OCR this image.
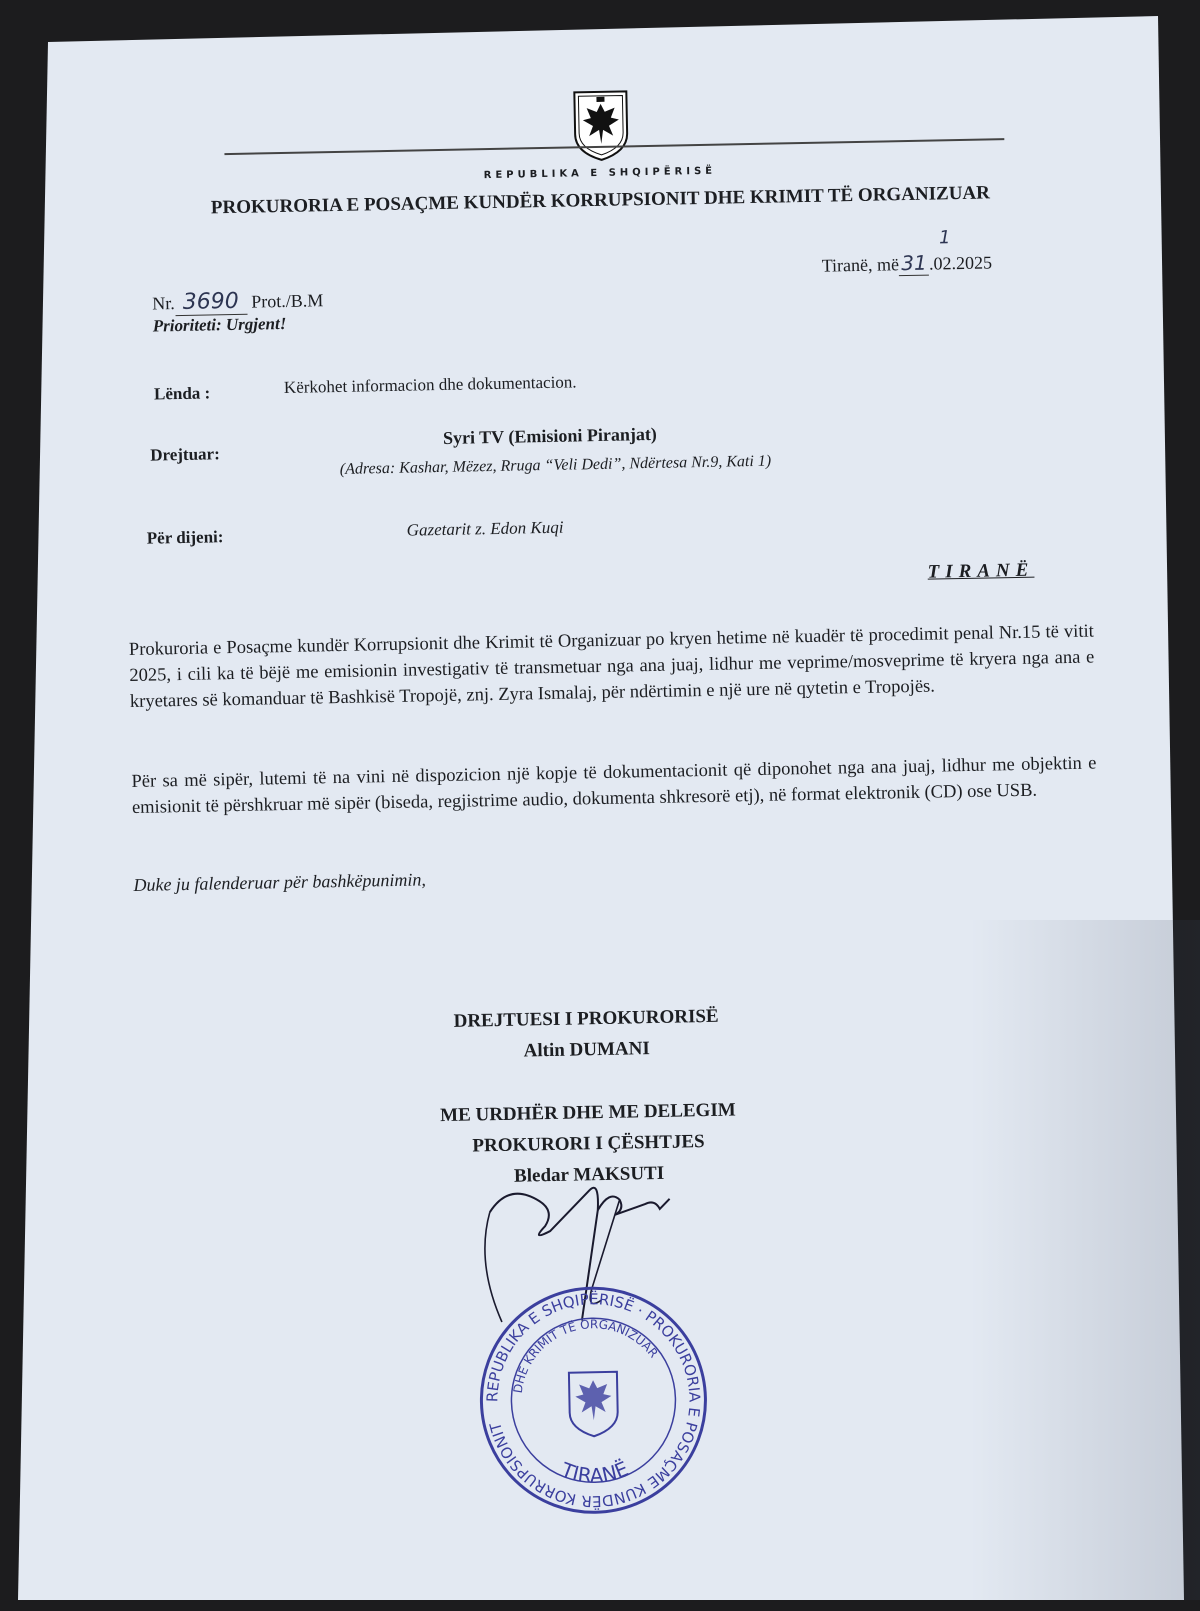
REPUBLIKA E SHQIPËRISË
PROKURORIA E POSAÇME KUNDËR KORRUPSIONIT DHE KRIMIT TË ORGANIZUAR
Tiranë, më31 .
1
02.2025
Nr. 3690 Prot./B.M
Prioriteti: Urgjent!
Lënda :	Kërkohet informacion dhe dokumentacion.
Drejtuar:
Syri TV (Emisioni Piranjat)
(Adresa: Kashar, Mëzez, Rruga “Veli Dedi”, Ndërtesa Nr.9, Kati 1)
Për dijeni:	Gazetarit z. Edon Kuqi
TIRANË
Prokuroria e Posaçme kundër Korrupsionit dhe Krimit të Organizuar po kryen hetime në kuadër të procedimit penal Nr.15 të vitit 2025, i cili ka të bëjë me emisionin investigativ të transmetuar nga ana juaj, lidhur me veprime/mosveprime të kryera nga ana e kryetares së komanduar të Bashkisë Tropojë, znj. Zyra Ismalaj, për ndërtimin e një ure në qytetin e Tropojës.
Për sa më sipër, lutemi të na vini në dispozicion një kopje të dokumentacionit që diponohet nga ana juaj, lidhur me objektin e emisionit të përshkruar më sipër (biseda, regjistrime audio, dokumenta shkresorë etj), në format elektronik (CD) ose USB.
Duke ju falenderuar për bashkëpunimin,
DREJTUESI I PROKURORISË
Altin DUMANI
ME URDHËR DHE ME DELEGIM
PROKURORI I ÇËSHTJES
Bledar MAKSUTI
REPUBLIKA E SHQIPËRISË · PROKURORIA E POSAÇME KUNDËR KORRUPSIONIT
DHE KRIMIT TË ORGANIZUAR
TIRANË
